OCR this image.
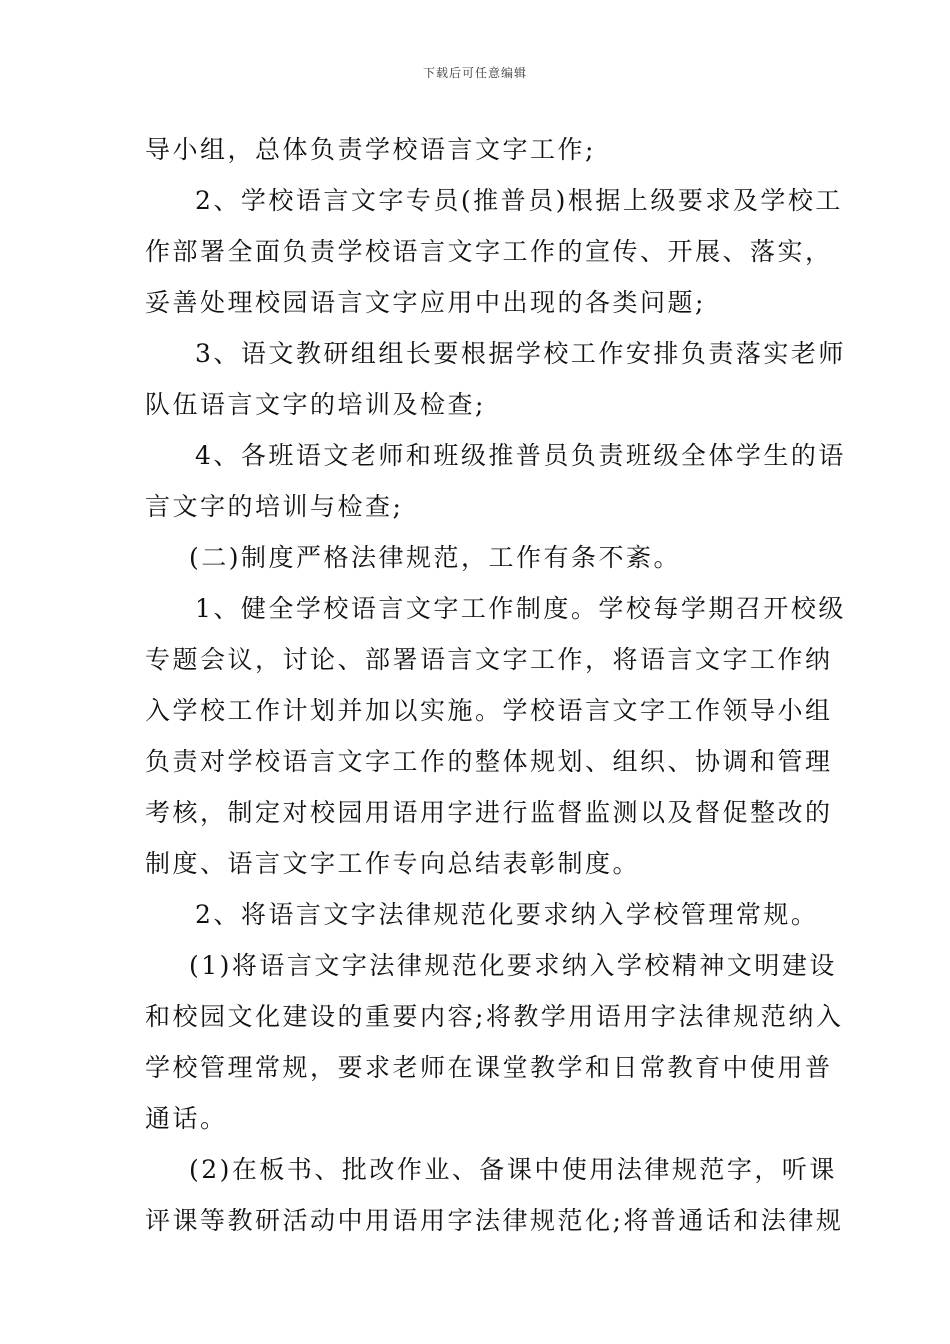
下载后可任意编辑
导小组，总体负责学校语言文字工作;
2、学校语言文字专员(推普员)根据上级要求及学校工
作部署全面负责学校语言文字工作的宣传、开展、落实，
妥善处理校园语言文字应用中出现的各类问题;
3、语文教研组组长要根据学校工作安排负责落实老师
队伍语言文字的培训及检查;
4、各班语文老师和班级推普员负责班级全体学生的语
言文字的培训与检查;
(二)制度严格法律规范，工作有条不紊。
1、健全学校语言文字工作制度。学校每学期召开校级
专题会议，讨论、部署语言文字工作，将语言文字工作纳
入学校工作计划并加以实施。学校语言文字工作领导小组
负责对学校语言文字工作的整体规划、组织、协调和管理
考核，制定对校园用语用字进行监督监测以及督促整改的
制度、语言文字工作专向总结表彰制度。
2、将语言文字法律规范化要求纳入学校管理常规。
(1)将语言文字法律规范化要求纳入学校精神文明建设
和校园文化建设的重要内容;将教学用语用字法律规范纳入
学校管理常规，要求老师在课堂教学和日常教育中使用普
通话。
(2)在板书、批改作业、备课中使用法律规范字，听课
评课等教研活动中用语用字法律规范化;将普通话和法律规
